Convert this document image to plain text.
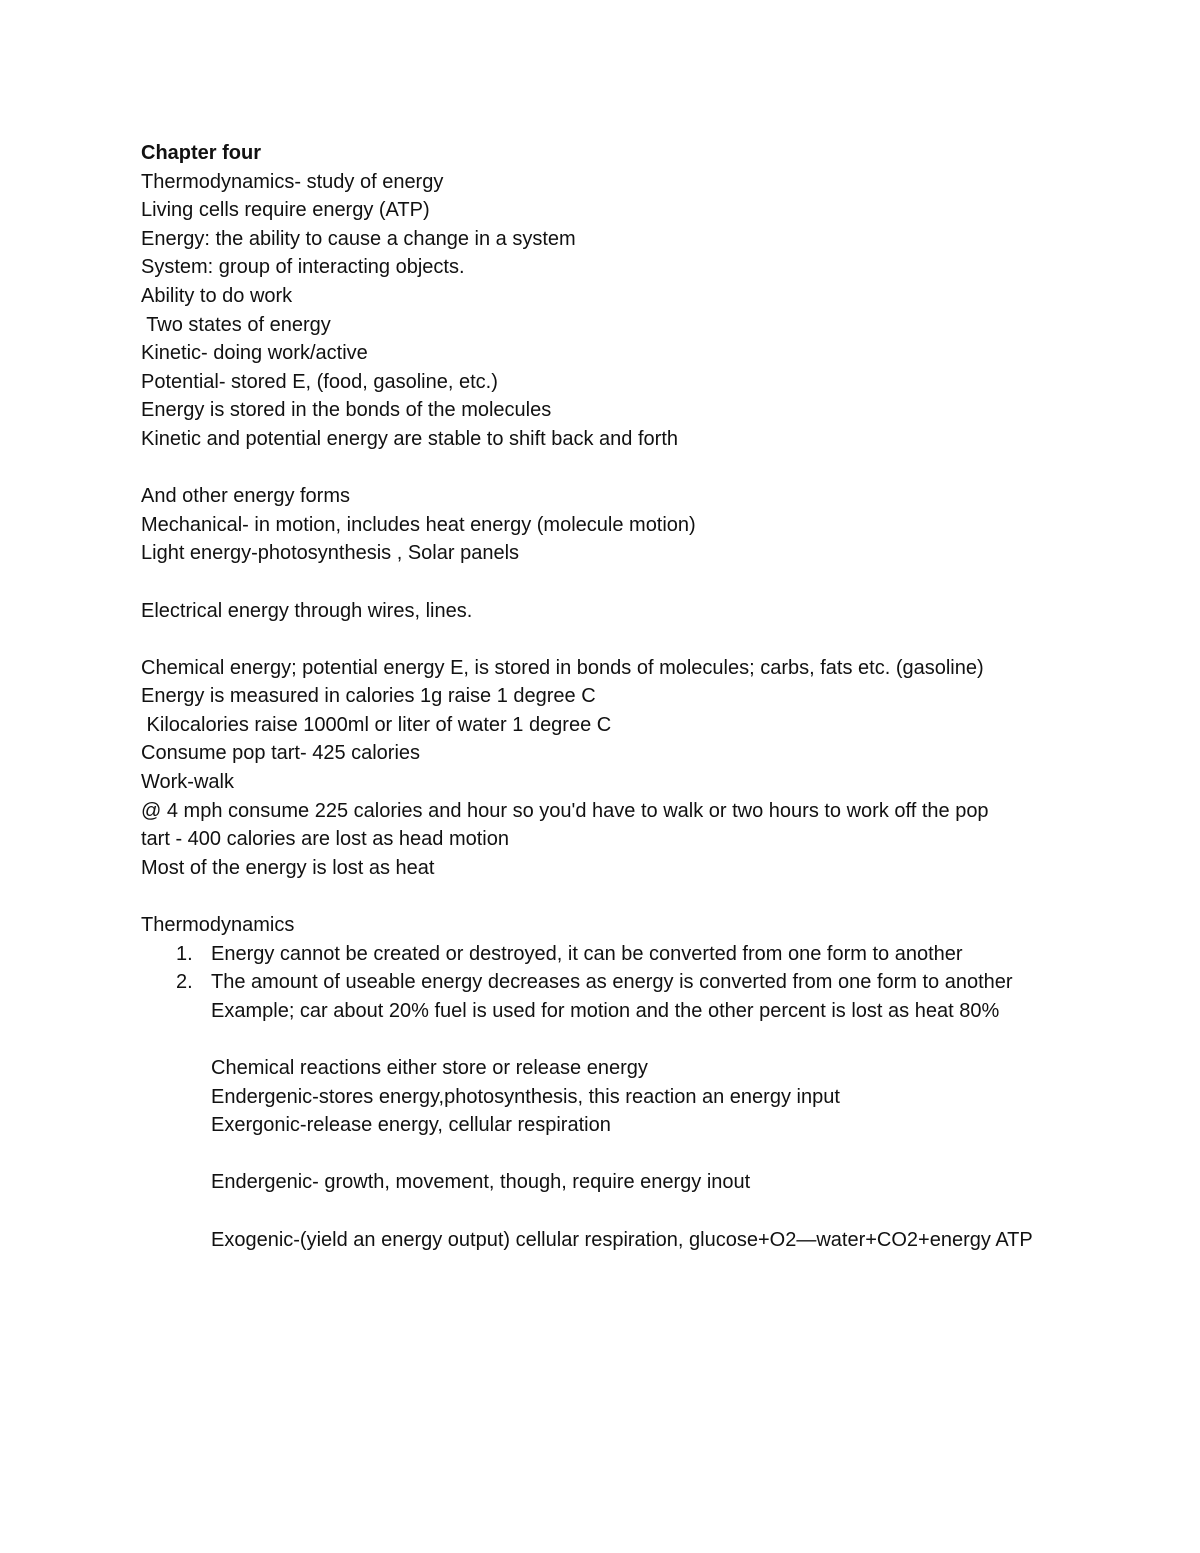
Chapter four
Thermodynamics- study of energy
Living cells require energy (ATP)
Energy: the ability to cause a change in a system
System: group of interacting objects.
Ability to do work
Two states of energy
Kinetic- doing work/active
Potential- stored E, (food, gasoline, etc.)
Energy is stored in the bonds of the molecules
Kinetic and potential energy are stable to shift back and forth
And other energy forms
Mechanical- in motion, includes heat energy (molecule motion)
Light energy-photosynthesis , Solar panels
Electrical energy through wires, lines.
Chemical energy; potential energy E, is stored in bonds of molecules; carbs, fats etc. (gasoline)
Energy is measured in calories 1g raise 1 degree C
Kilocalories raise 1000ml or liter of water 1 degree C
Consume pop tart- 425 calories
Work-walk
@ 4 mph consume 225 calories and hour so you'd have to walk or two hours to work off the pop
tart - 400 calories are lost as head motion
Most of the energy is lost as heat
Thermodynamics
1. Energy cannot be created or destroyed, it can be converted from one form to another
2. The amount of useable energy decreases as energy is converted from one form to another
Example; car about 20% fuel is used for motion and the other percent is lost as heat 80%
Chemical reactions either store or release energy
Endergenic-stores energy,photosynthesis, this reaction an energy input
Exergonic-release energy, cellular respiration
Endergenic- growth, movement, though, require energy inout
Exogenic-(yield an energy output) cellular respiration, glucose+O2—water+CO2+energy ATP
